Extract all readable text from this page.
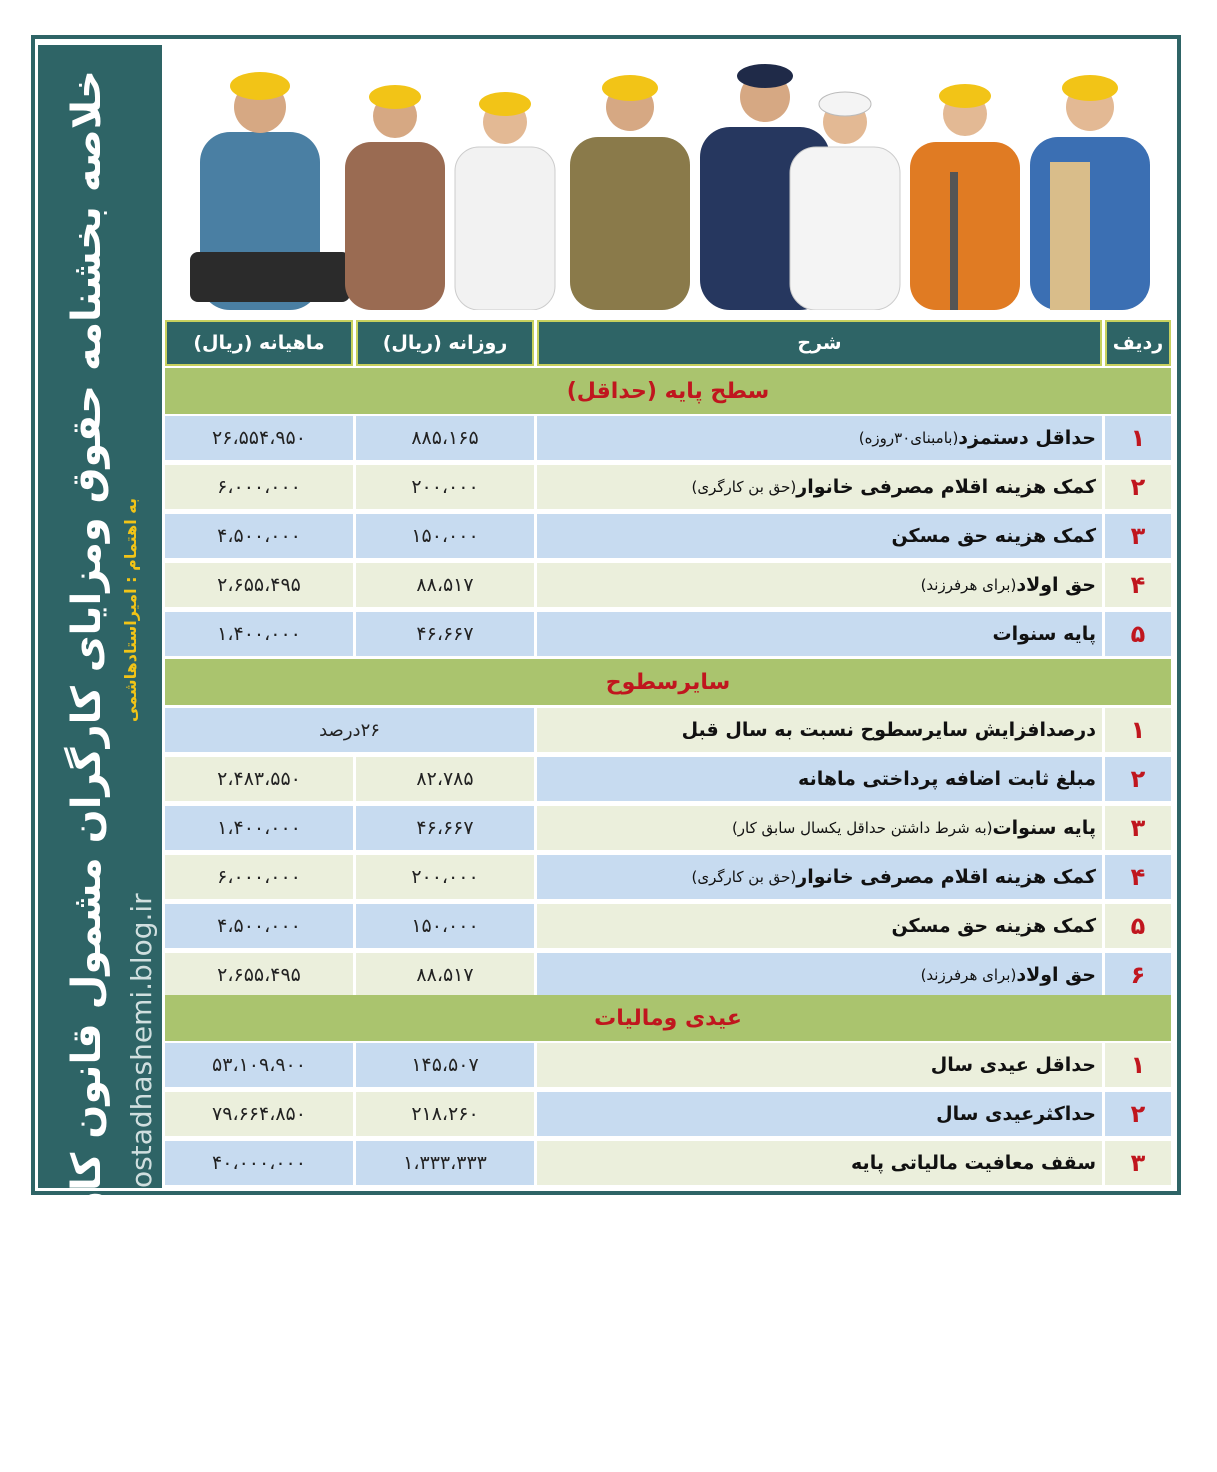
خلاصه بخشنامه حقوق ومزایای کارگران مشمول قانون کار درسال ۱۴۰۰ به اهتمام : امیراستادهاشمی
ostadhashemi.blog.ir
ردیف
شرح
روزانه (ریال)
ماهیانه (ریال)
سطح پایه (حداقل)
۱
حداقل دستمزد
(بامبنای۳۰روزه)
۸۸۵،۱۶۵
۲۶،۵۵۴،۹۵۰
۲
کمک هزینه اقلام مصرفی خانوار
(حق بن کارگری)
۲۰۰،۰۰۰
۶،۰۰۰،۰۰۰
۳
کمک هزینه حق مسکن
۱۵۰،۰۰۰
۴،۵۰۰،۰۰۰
۴
حق اولاد
(برای هرفرزند)
۸۸،۵۱۷
۲،۶۵۵،۴۹۵
۵
پایه سنوات
۴۶،۶۶۷
۱،۴۰۰،۰۰۰
سایرسطوح
۱
درصدافزایش سایرسطوح نسبت به سال قبل
۲۶درصد
۲
مبلغ ثابت اضافه پرداختی ماهانه
۸۲،۷۸۵
۲،۴۸۳،۵۵۰
۳
پایه سنوات
(به شرط داشتن حداقل یکسال سابق کار)
۴۶،۶۶۷
۱،۴۰۰،۰۰۰
۴
کمک هزینه اقلام مصرفی خانوار
(حق بن کارگری)
۲۰۰،۰۰۰
۶،۰۰۰،۰۰۰
۵
کمک هزینه حق مسکن
۱۵۰،۰۰۰
۴،۵۰۰،۰۰۰
۶
حق اولاد
(برای هرفرزند)
۸۸،۵۱۷
۲،۶۵۵،۴۹۵
عیدی ومالیات
۱
حداقل عیدی سال
۱۴۵،۵۰۷
۵۳،۱۰۹،۹۰۰
۲
حداکثرعیدی سال
۲۱۸،۲۶۰
۷۹،۶۶۴،۸۵۰
۳
سقف معافیت مالیاتی پایه
۱،۳۳۳،۳۳۳
۴۰،۰۰۰،۰۰۰
